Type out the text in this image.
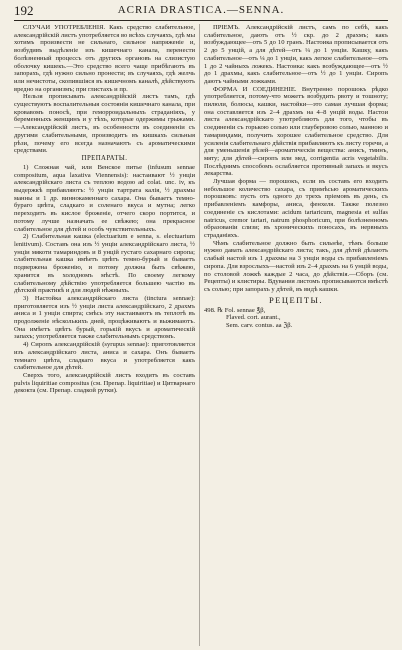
192	ACRIA DRASTICA.—SENNA.

СЛУЧАИ УПОТРЕБЛЕНІЯ. Какъ средство слабительное, александрійскій листъ употребляется во всѣхъ случаяхъ, гдѣ мы хотимъ произвести не сильнаго, сильное напряженіе и, возбудивъ выдѣленіе изъ кишечнаго канала, перенести болѣзненный процессъ отъ другихъ органовъ на слизистую оболочку кишекъ.—Это средство всего чаще прибѣгаютъ въ запорахъ, гдѣ нужно сильно пронести; въ случаяхъ, гдѣ желчь или нечистоты, скопившіяся въ кишечномъ каналѣ, дѣйствуютъ вредно на организмъ; при глистахъ и пр.

Нельзя прописывать александрійскій листъ тамъ, гдѣ существуютъ воспалительныя состоянія кишечнаго канала, при кровавомъ поносѣ, при геморроидальныхъ страданіяхъ, у беременныхъ женщинъ и у тѣхъ, которые одержимы грыжами.—Александрійскій листъ, въ особенности въ соединеніи съ другими слабительными, производитъ въ кишкахъ сильныя рѣзи, почему его всегда назначаютъ съ ароматическими средствами.

ПРЕПАРАТЫ.

1) Сложная чай, или Венское питье (infusum sennae compositum, aqua laxativa Viennensis): настаивают ½ унціи александрійскаго листа съ теплою водою ad colat. unc. iv, къ выдержкѣ прибавляютъ: ½ унціи тартрата калія, ½ драхмы манны и 1 др. виннокаменнаго сахара. Она бываетъ темно-бураго цвѣта, сладкаго и соленаго вкуса и мутна; легко переходитъ въ кислое броженіе, отчего скоро портится, и потому лучше назначать ее свѣжею; она прекрасное слабительное для дѣтей и особъ чувствительныхъ.

2) Слабительная кашка (electuarium e senna, s. electuarium lenitivum). Составъ она изъ ½ унціи александрійскаго листа, ½ унціи мякоти тамариндовъ и 8 унцій густаго сахарнаго сиропа; слабительная кашка имѣетъ цвѣтъ темно-бурый и бываетъ подвержена броженію, и потому должна быть свѣжею, хранится въ холодномъ мѣстѣ. По своему легкому слабительному дѣйствію употребляется большею частію въ дѣтской практикѣ и для людей нѣжныхъ.

3) Настойка александрійскаго листа (tinctura sennae): приготовляется изъ ½ унціи листа александрійскаго, 2 драхмъ аниса и 1 унціи спирта; смѣсь эту настаиваютъ въ теплотѣ въ продолженіе нѣсколькихъ дней, процѣживаютъ и выжимаютъ. Она имѣетъ цвѣтъ бурый, горькій вкусъ и ароматическій запахъ; употребляется также слабительнымъ средствомъ.

4) Сиропъ александрійскій (syrupus sennae): приготовляется изъ александрійскаго листа, аниса и сахара. Онъ бываетъ темнаго цвѣта, сладкаго вкуса и употребляется какъ слабительное для дѣтей.

Сверхъ того, александрійскій листъ входитъ въ составъ pulvis liquiritiae compositus (см. Препар. liquiritiae) и Цитварнаго декокта (см. Препар. сладкой рутки).

ПРІЕМЪ. Александрійскій листъ, самъ по себѣ, какъ слабительное, даютъ отъ ½ скр. до 2 драхмъ; какъ возбуждающее—отъ 5 до 10 гранъ. Настоика прописывается отъ 2 до 5 унцій, а для дѣтей—отъ ¼ до 1 унціи. Кашку, какъ слабительное—отъ ¼ до 1 унціи, какъ легкое слабительное—отъ 1 до 2 чайныхъ ложекъ. Настоика: какъ возбуждающее—отъ ½ до 1 драхмы, какъ слабительное—отъ ½ до 1 унціи. Сиропъ даютъ чайными ложками.

ФОРМА И СОЕДИНЕНІЕ. Внутренно порошокъ рѣдко употребляется, потому-что можетъ возбудить рвоту и тошноту; пилюли, болюсы, кашки, настойки—это самая лучшая форма; она составляется изъ 2–4 драхмъ на 4–8 унцій воды. Настои листа александрійскаго употребляютъ для того, чтобы въ соединеніи съ горькою солью или глауберовою солью, манною и тамариндами, получить хорошее слабительное средство. Для усиленія слабительнаго дѣйствія прибавляютъ къ листу горечи, а для уменьшенія рѣзей—ароматическія вещества: анисъ, тминъ, мяту; для дѣтей—сиропъ или мед, corrigentia acris vegetabilis. Послѣднимъ способомъ ослабляется противный запахъ и вкусъ лекарства.

Лучшая форма — порошокъ, если въ составъ его входитъ небольшое количество сахара, съ примѣсью ароматическихъ порошковъ: пусть отъ одного до трехъ пріемовъ въ день, съ прибавленіемъ камфоры, аниса, фенхеля. Также полезно соединеніе съ кислотами: acidum tartaricum, magnesia et sulfas natricus, cremor tartari, natrum phosphoricum, при болѣзненномъ образованіи слизи; въ хроническихъ поносахъ, въ нервныхъ страданіяхъ.

Чѣмъ слабительное должно быть сильнѣе, тѣмъ больше нужно давать александрійскаго листа; такъ, для дѣтей дѣлаютъ слабый настой изъ 1 драхмы на 3 унціи воды съ прибавленіемъ сиропа. Для взрослыхъ—настой изъ 2–4 драхмъ на 6 унцій воды, по столовой ложкѣ каждые 2 часа, до дѣйствія.—Сборъ (см. Рецепты) и клистиры. Вдувания листомъ прописываются вмѣстѣ съ солью; при запорахъ у дѣтей, въ видѣ кашки.

РЕЦЕПТЫ.

498. ℞ Fol. sennae ℥β,

Flaved. cort. aurant.,

Sem. carv. contus. aa ℨβ.
